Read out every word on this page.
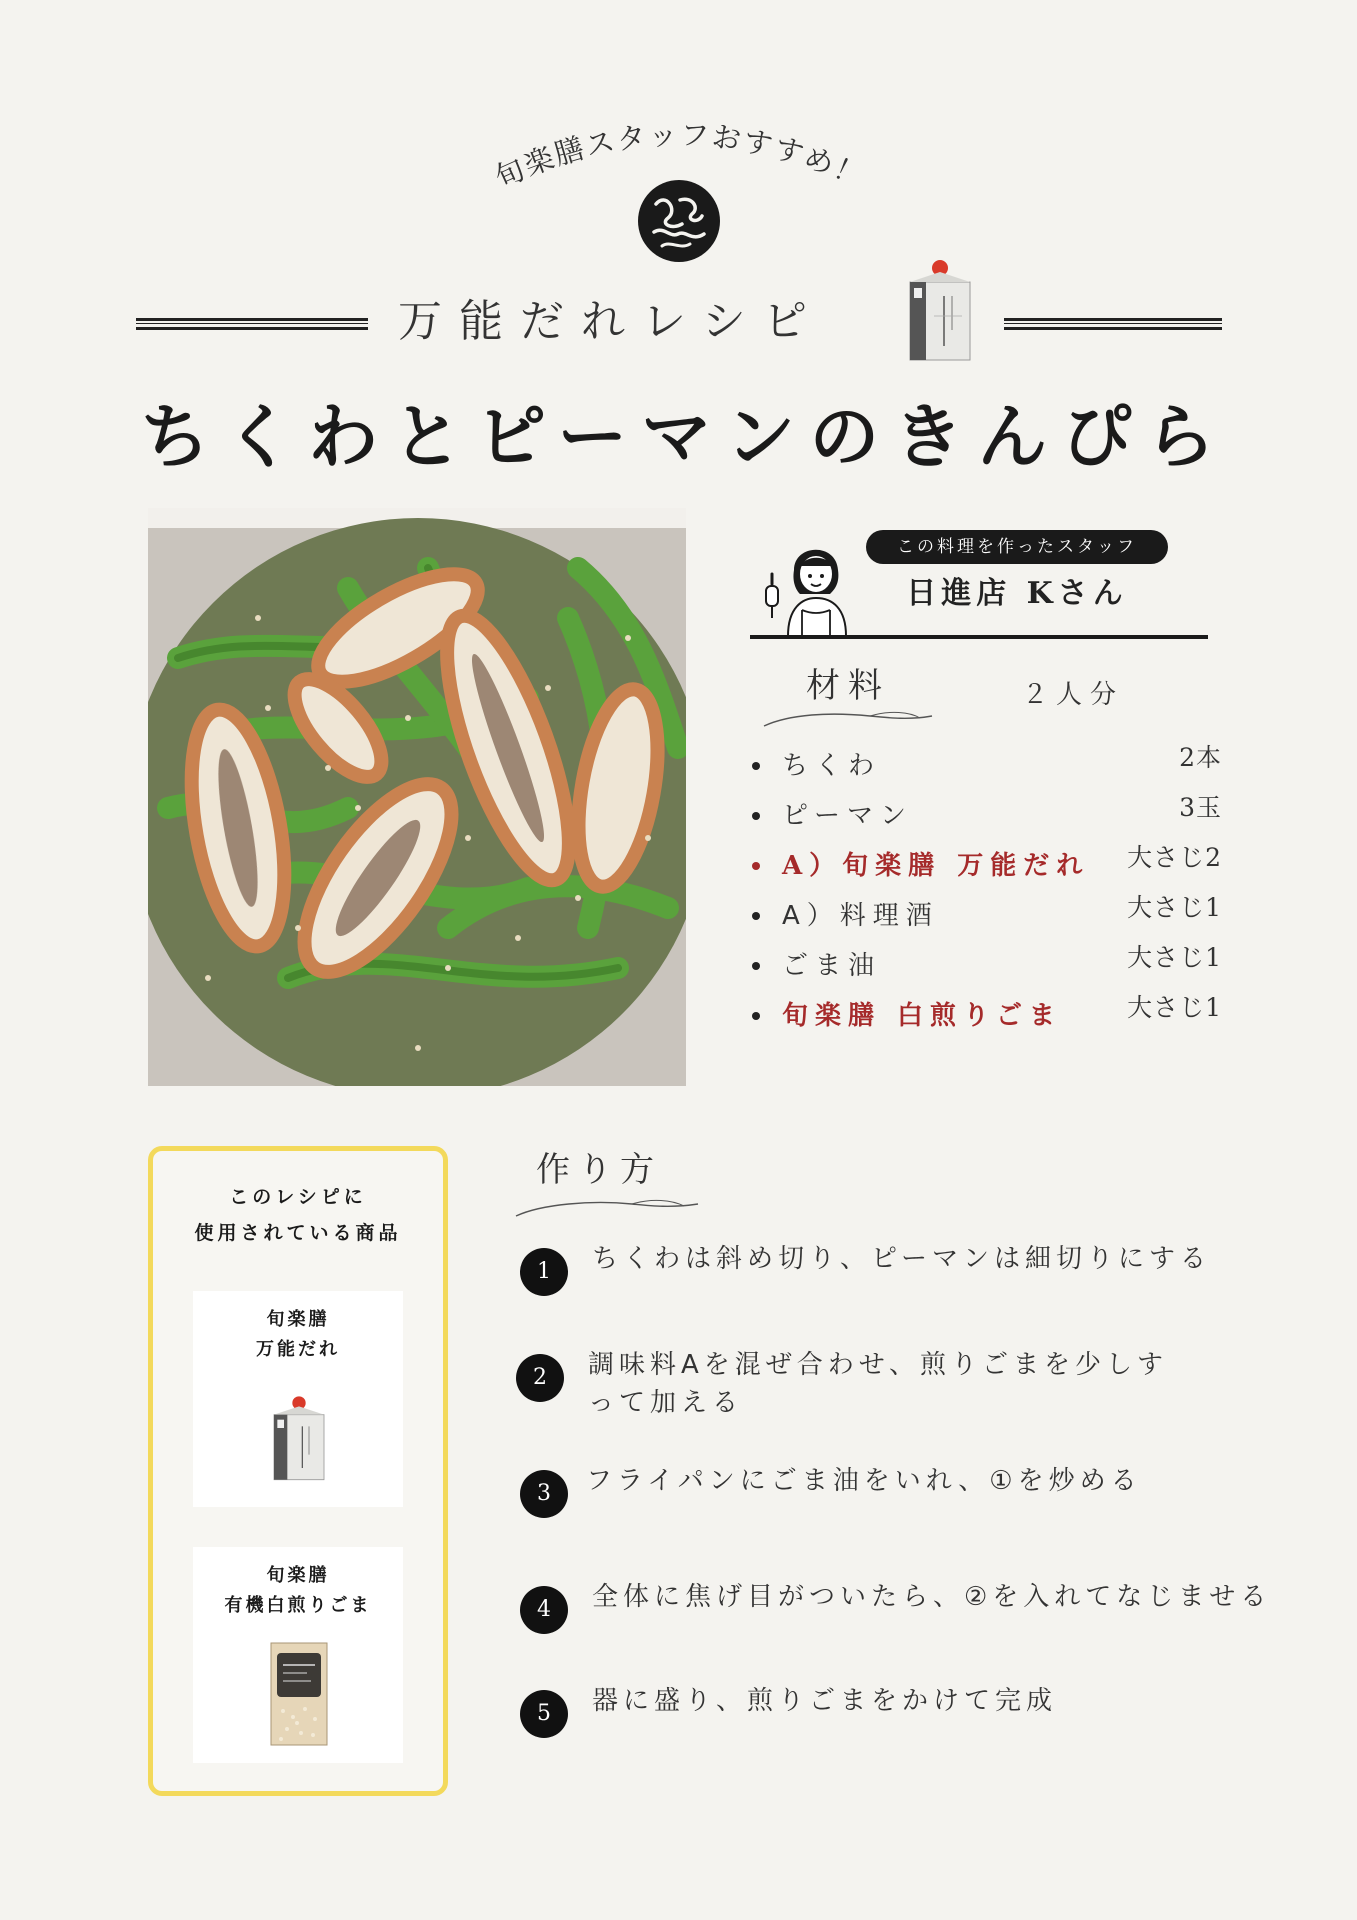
旬楽膳スタッフおすすめ！
万能だれレシピ
ちくわとピーマンのきんぴら
この料理を作ったスタッフ
日進店 Kさん
材料	２人分
ちくわ	2本
ピーマン	3玉
A）旬楽膳 万能だれ	大さじ2
A）料理酒	大さじ1
ごま油	大さじ1
旬楽膳 白煎りごま	大さじ1
このレシピに
使用されている商品
旬楽膳
万能だれ
旬楽膳
有機白煎りごま
作り方
1	ちくわは斜め切り、ピーマンは細切りにする
2	調味料Aを混ぜ合わせ、煎りごまを少しすって加える
3	フライパンにごま油をいれ、①を炒める
4	全体に焦げ目がついたら、②を入れてなじませる
5	器に盛り、煎りごまをかけて完成
